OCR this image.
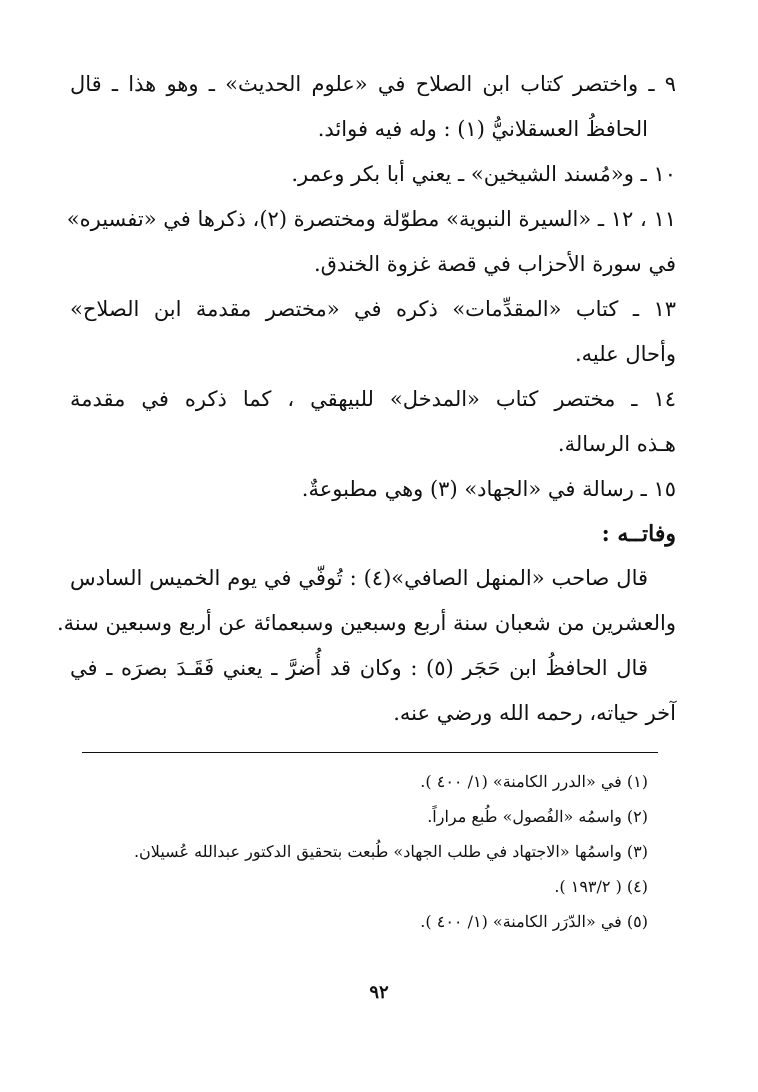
٩ ـ واختصر كتاب ابن الصلاح في «علوم الحديث» ـ وهو هذا ـ قال
الحافظُ العسقلانيُّ (١) : وله فيه فوائد.
١٠ ـ و«مُسند الشيخين» ـ يعني أبا بكر وعمر.
١١ ، ١٢ ـ «السيرة النبوية» مطوّلة ومختصرة (٢)، ذكرها في «تفسيره»
في سورة الأحزاب في قصة غزوة الخندق.
١٣ ـ كتاب «المقدِّمات» ذكره في «مختصر مقدمة ابن الصلاح»
وأحال عليه.
١٤ ـ مختصر كتاب «المدخل» للبيهقي ، كما ذكره في مقدمة
هـذه الرسالة.
١٥ ـ رسالة في «الجهاد» (٣) وهي مطبوعةٌ.
وفاتــه :
قال صاحب «المنهل الصافي»(٤) : تُوفّي في يوم الخميس السادس
والعشرين من شعبان سنة أربع وسبعين وسبعمائة عن أربع وسبعين سنة.
قال الحافظُ ابن حَجَر (٥) : وكان قد أُضرَّ ـ يعني فَقَـدَ بصرَه ـ في
آخر حياته، رحمه الله ورضي عنه.
(١) في «الدرر الكامنة» (١/ ٤٠٠ ).
(٢) واسمُه «الفُصول» طُبع مراراً.
(٣) واسمُها «الاجتهاد في طلب الجهاد» طُبعت بتحقيق الدكتور عبدالله عُسيلان.
(٤) ( ١٩٣/٢ ).
(٥) في «الدّرَر الكامنة» (١/ ٤٠٠ ).
٩٢
